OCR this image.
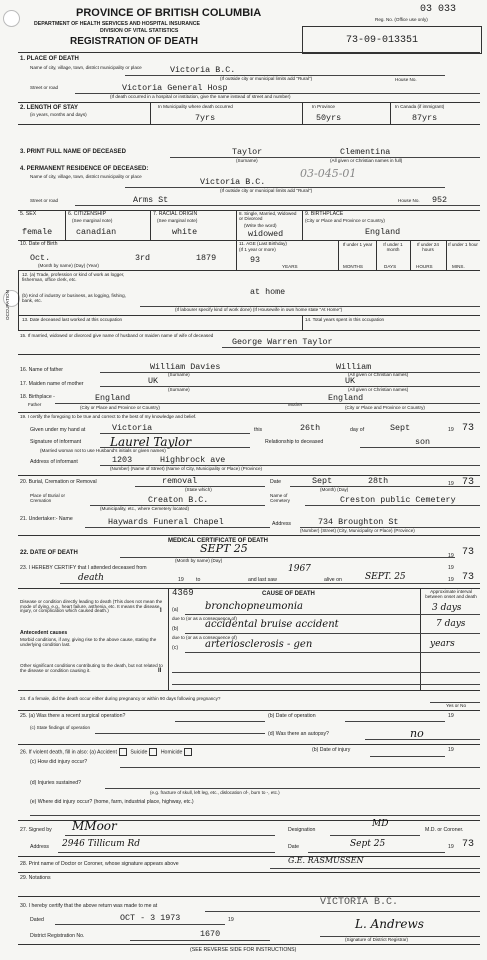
PROVINCE OF BRITISH COLUMBIA
DEPARTMENT OF HEALTH SERVICES AND HOSPITAL INSURANCE
DIVISION OF VITAL STATISTICS
REGISTRATION OF DEATH
03 033
Reg. No. (Office use only)
73-09-013351
1. PLACE OF DEATH
Name of city, village, town, district municipality or place	Victoria B.C.
(If outside city or municipal limits add "Rural")	House No.
Street or road	Victoria General Hosp
(If death occurred in a hospital or institution, give the name instead of street and number)
2. LENGTH OF STAY
(in years, months and days)
In Municipality where death occurred
7yrs
In Province
50yrs
In Canada (if immigrant)
87yrs
3. PRINT FULL NAME OF DECEASED	Taylor	Clementina
(Surname)	(All given or Christian names in full)
4. PERMANENT RESIDENCE OF DECEASED:
Name of city, village, town, district municipality or place
Victoria B.C.
03-045-01
(If outside city or municipal limits add "Rural")
Street or road	Arms St	House No. 952
5. SEX
female
6. CITIZENSHIP
(See marginal note)
canadian
7. RACIAL ORIGIN
(See marginal note)
white
8. Single, Married, Widowed or Divorced
(Write the word)
widowed
9. BIRTHPLACE
(City or Place and Province or Country)
England
10. Date of Birth
Oct.	3rd	1879
(Month by name) (Day) (Year)
11. AGE (Last Birthday)
(If 1 year or more)
93
YEARS
If under 1 year	If under 1 month
If under 24 hours
If under 1 hour
MONTHS	DAYS	HOURS	MINS.
OCCUPATION
12. (a) Trade, profession or kind of work as logger, fisherman, office clerk, etc.
(b) Kind of industry or business, as logging, fishing, bank, etc.
at home
(If labourer specify kind of work done) (If Housewife in own home state "At Home")
13. Date deceased last worked at this occupation	14. Total years spent in this occupation
15. If married, widowed or divorced give name of husband or maiden name of wife of deceased
George Warren Taylor
16. Name of father	William Davies	William
(Surname)	(All given or Christian names)
17. Maiden name of mother	UK	UK
(Surname)	(All given or Christian names)
18. Birthplace -
Father
England
Mother
England
(City or Place and Province or Country)	(City or Place and Province or Country)
19. I certify the foregoing to be true and correct to the best of my knowledge and belief.
Given under my hand at	Victoria	this	26th	day of	Sept	19 73
Signature of informant Laurel Taylor
(Married woman not to use Husband's initials or given names)
Relationship to deceased	son
Address of informant	1203	Highbrock ave
(Number) (Name of Street) (Name of City, Municipality or Place) (Province)
20. Burial, Cremation or Removal	removal
(State which)
Date	Sept	28th	19 73
(Month) (Day)
Place of Burial or Cremation	Creaton B.C.
(Municipality, etc., where Cemetery located)
Name of Cemetery	Creston public Cemetery
21. Undertaker:- Name	Haywards Funeral Chapel	Address	734 Broughton St
(Number) (Street) (City, Municipality or Place) (Province)
MEDICAL CERTIFICATE OF DEATH
22. DATE OF DEATH	SEPT 25
(Month by name) (Day)
19 73
23. I HEREBY CERTIFY that I attended deceased from	19
death	19 to	and last saw
1967
alive on	SEPT. 25	19 73
4369	CAUSE OF DEATH	Approximate interval between onset and death
Disease or condition directly leading to death (This does not mean the mode of dying, e.g., heart failure, asthenia, etc. It means the disease, injury, or complication which caused death.)
Antecedent causes
Morbid conditions, if any, giving rise to the above cause, stating the underlying condition last.
Other significant conditions contributing to the death, but not related to the disease or condition causing it.
I (a)	bronchopneumonia	3 days
due to (or as a consequence of)
(b)	accidental bruise accident	7 days
due to (or as a consequence of)
(c)	arteriosclerosis - gen	years
II
24. If a female, did the death occur either during pregnancy or within 90 days following pregnancy?
Yes or No
25. (a) Was there a recent surgical operation?	(b) Date of operation	19
(c) State findings of operation
(d) Was there an autopsy?	no
26. If violent death, fill in also: (a) Accident	Suicide	Homicide	(b) Date of injury	19
(c) How did injury occur?
(d) Injuries sustained?
(e.g. fracture of skull, left leg, etc., dislocation of-, burn to -, etc.)
(e) Where did injury occur? (home, farm, industrial place, highway, etc.)
27. Signed by MMoor	Designation
MD
M.D. or Coroner.
Address 2946 Tillicum Rd	Date	Sept 25	19 73
28. Print name of Doctor or Coroner, whose signature appears above	G.E. RASMUSSEN
29. Notations
30. I hereby certify that the above return was made to me at	VICTORIA B.C.
Dated	OCT - 3 1973	19
District Registration No.	1670
L. Andrews
(Signature of District Registrar)
(SEE REVERSE SIDE FOR INSTRUCTIONS)
